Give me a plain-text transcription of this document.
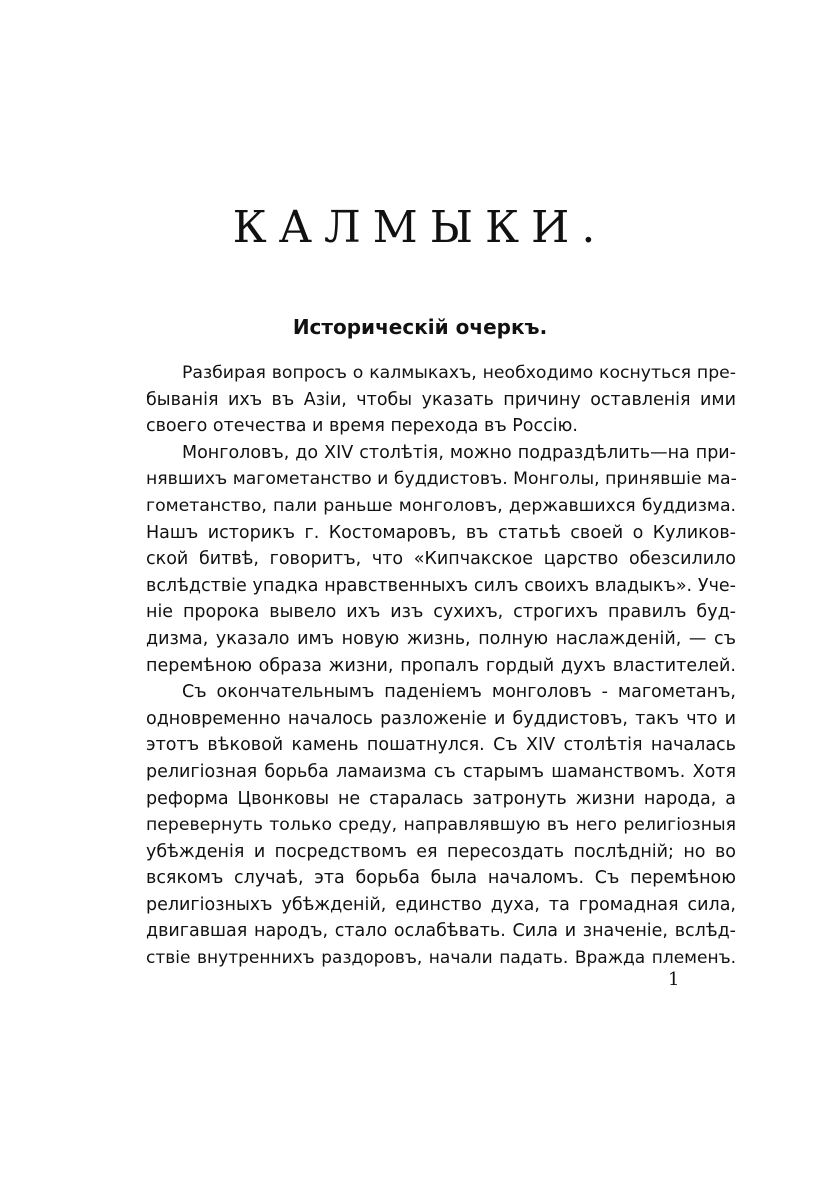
КАЛМЫКИ.
Историческій очеркъ.
Разбирая вопросъ о калмыкахъ, необходимо коснуться пре-
быванія ихъ въ Азіи, чтобы указать причину оставленія ими
своего отечества и время перехода въ Россію.
Монголовъ, до XIV столѣтія, можно подраздѣлить—на при-
нявшихъ магометанство и буддистовъ. Монголы, принявшіе ма-
гометанство, пали раньше монголовъ, державшихся буддизма.
Нашъ историкъ г. Костомаровъ, въ статьѣ своей о Куликов-
ской битвѣ, говоритъ, что «Кипчакское царство обезсилило
вслѣдствіе упадка нравственныхъ силъ своихъ владыкъ». Уче-
ніе пророка вывело ихъ изъ сухихъ, строгихъ правилъ буд-
дизма, указало имъ новую жизнь, полную наслажденій, — съ
перемѣною образа жизни, пропалъ гордый духъ властителей.
Съ окончательнымъ паденіемъ монголовъ - магометанъ,
одновременно началось разложеніе и буддистовъ, такъ что и
этотъ вѣковой камень пошатнулся. Съ XIV столѣтія началась
религіозная борьба ламаизма съ старымъ шаманствомъ. Хотя
реформа Цвонковы не старалась затронуть жизни народа, а
перевернуть только среду, направлявшую въ него религіозныя
убѣжденія и посредствомъ ея пересоздать послѣдній; но во
всякомъ случаѣ, эта борьба была началомъ. Съ перемѣною
религіозныхъ убѣжденій, единство духа, та громадная сила,
двигавшая народъ, стало ослабѣвать. Сила и значеніе, вслѣд-
ствіе внутреннихъ раздоровъ, начали падать. Вражда племенъ.
1
